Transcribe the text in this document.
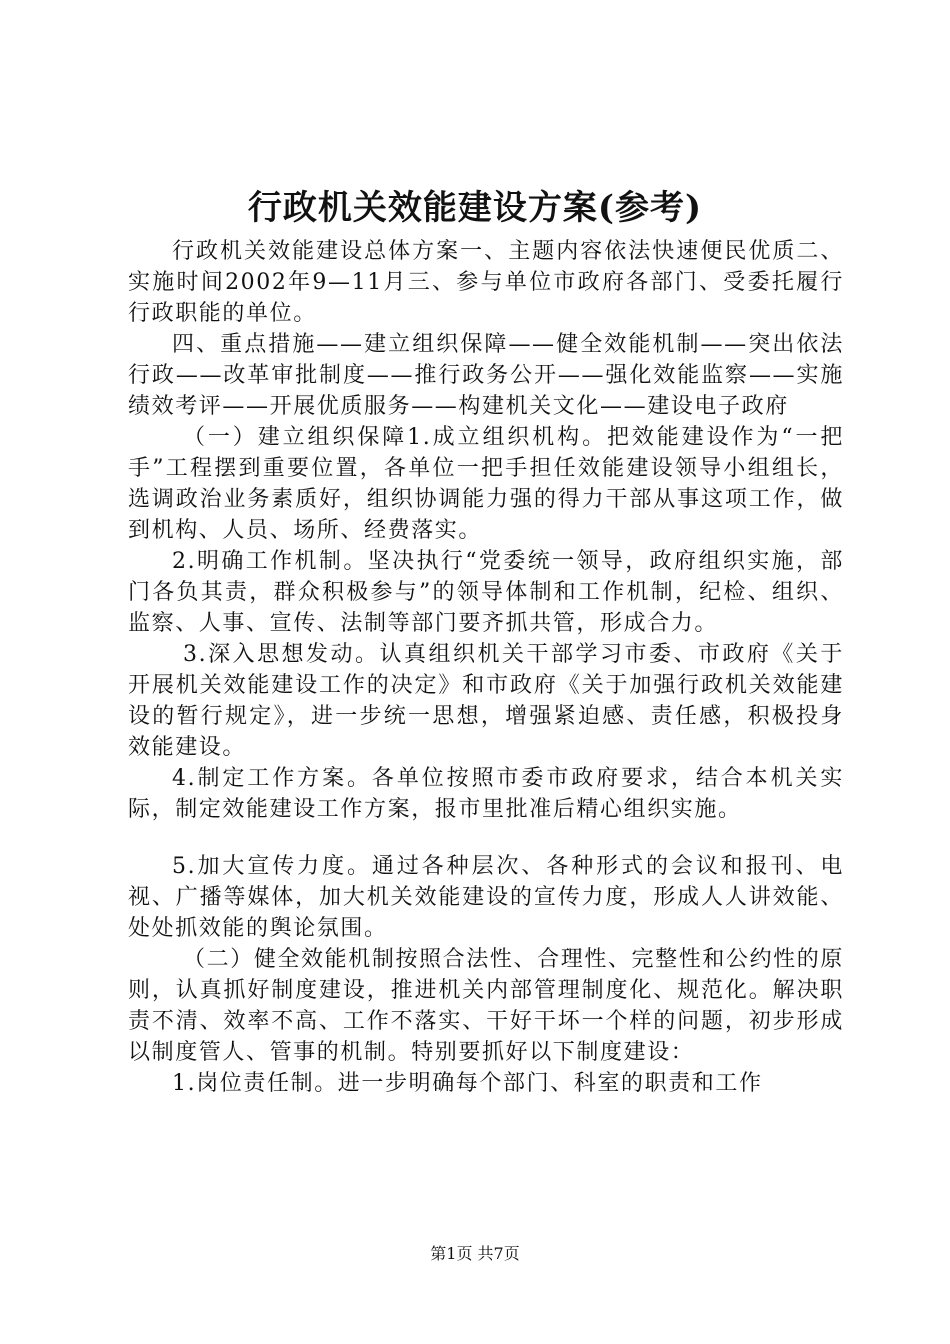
行政机关效能建设方案(参考)

行政机关效能建设总体方案一、主题内容依法快速便民优质二、实施时间2002年9—11月三、参与单位市政府各部门、受委托履行行政职能的单位。

四、重点措施——建立组织保障——健全效能机制——突出依法行政——改革审批制度——推行政务公开——强化效能监察——实施绩效考评——开展优质服务——构建机关文化——建设电子政府

（一）建立组织保障1.成立组织机构。把效能建设作为“一把手”工程摆到重要位置，各单位一把手担任效能建设领导小组组长，选调政治业务素质好，组织协调能力强的得力干部从事这项工作，做到机构、人员、场所、经费落实。

2.明确工作机制。坚决执行“党委统一领导，政府组织实施，部门各负其责，群众积极参与”的领导体制和工作机制，纪检、组织、监察、人事、宣传、法制等部门要齐抓共管，形成合力。

3.深入思想发动。认真组织机关干部学习市委、市政府《关于开展机关效能建设工作的决定》和市政府《关于加强行政机关效能建设的暂行规定》，进一步统一思想，增强紧迫感、责任感，积极投身效能建设。

4.制定工作方案。各单位按照市委市政府要求，结合本机关实际，制定效能建设工作方案，报市里批准后精心组织实施。

5.加大宣传力度。通过各种层次、各种形式的会议和报刊、电视、广播等媒体，加大机关效能建设的宣传力度，形成人人讲效能、处处抓效能的舆论氛围。

（二）健全效能机制按照合法性、合理性、完整性和公约性的原则，认真抓好制度建设，推进机关内部管理制度化、规范化。解决职责不清、效率不高、工作不落实、干好干坏一个样的问题，初步形成以制度管人、管事的机制。特别要抓好以下制度建设：

1.岗位责任制。进一步明确每个部门、科室的职责和工作

第1页 共7页
